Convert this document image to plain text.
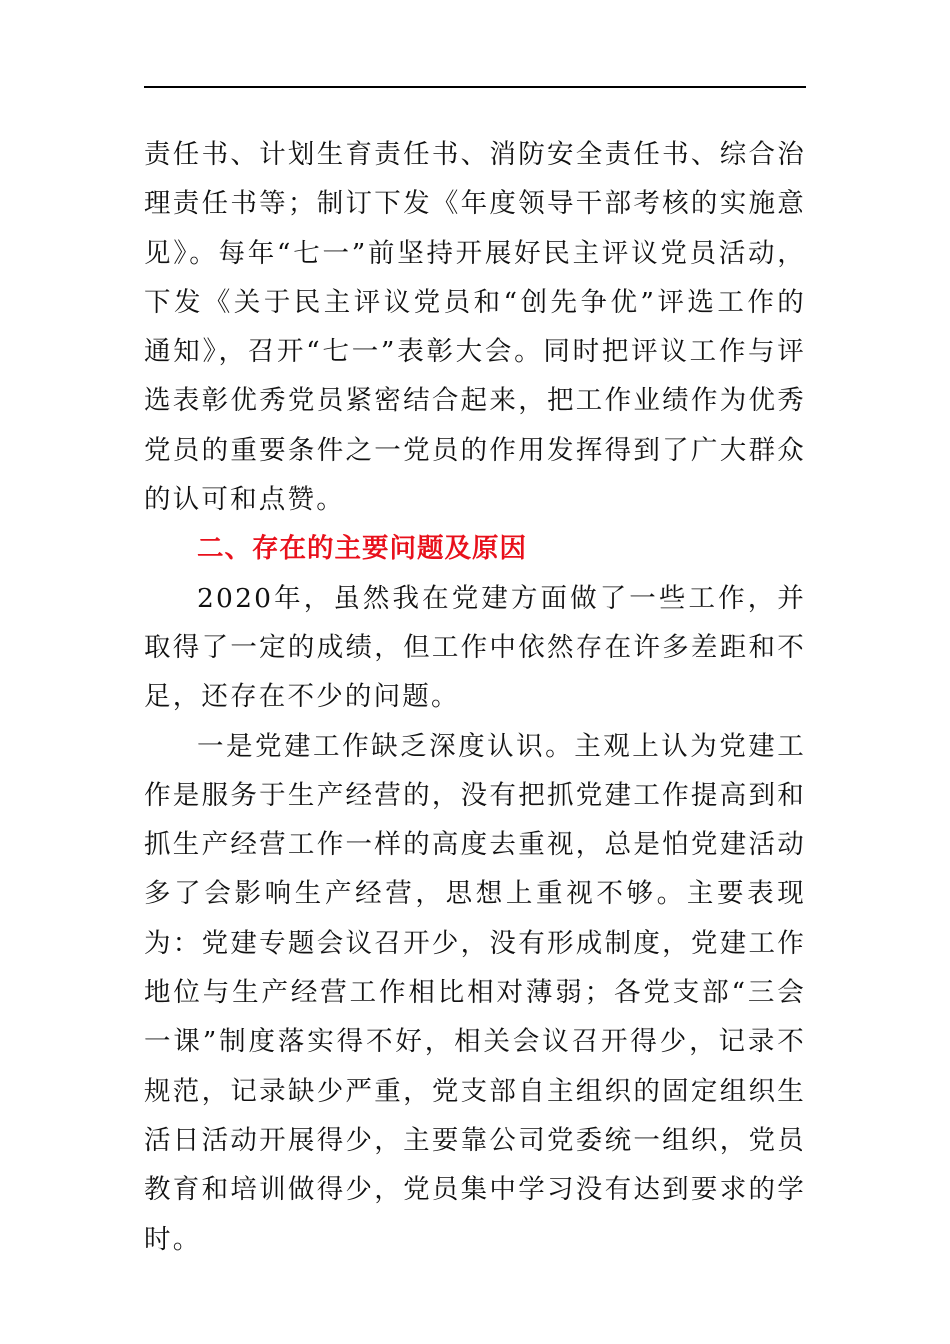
责任书、计划生育责任书、消防安全责任书、综合治理责任书等；制订下发《年度领导干部考核的实施意见》。每年“七一”前坚持开展好民主评议党员活动，下发《关于民主评议党员和“创先争优”评选工作的通知》，召开“七一”表彰大会。同时把评议工作与评选表彰优秀党员紧密结合起来，把工作业绩作为优秀党员的重要条件之一党员的作用发挥得到了广大群众的认可和点赞。

二、存在的主要问题及原因

2020年，虽然我在党建方面做了一些工作，并取得了一定的成绩，但工作中依然存在许多差距和不足，还存在不少的问题。

一是党建工作缺乏深度认识。主观上认为党建工作是服务于生产经营的，没有把抓党建工作提高到和抓生产经营工作一样的高度去重视，总是怕党建活动多了会影响生产经营，思想上重视不够。主要表现为：党建专题会议召开少，没有形成制度，党建工作地位与生产经营工作相比相对薄弱；各党支部“三会一课”制度落实得不好，相关会议召开得少，记录不规范，记录缺少严重，党支部自主组织的固定组织生活日活动开展得少，主要靠公司党委统一组织，党员教育和培训做得少，党员集中学习没有达到要求的学时。
